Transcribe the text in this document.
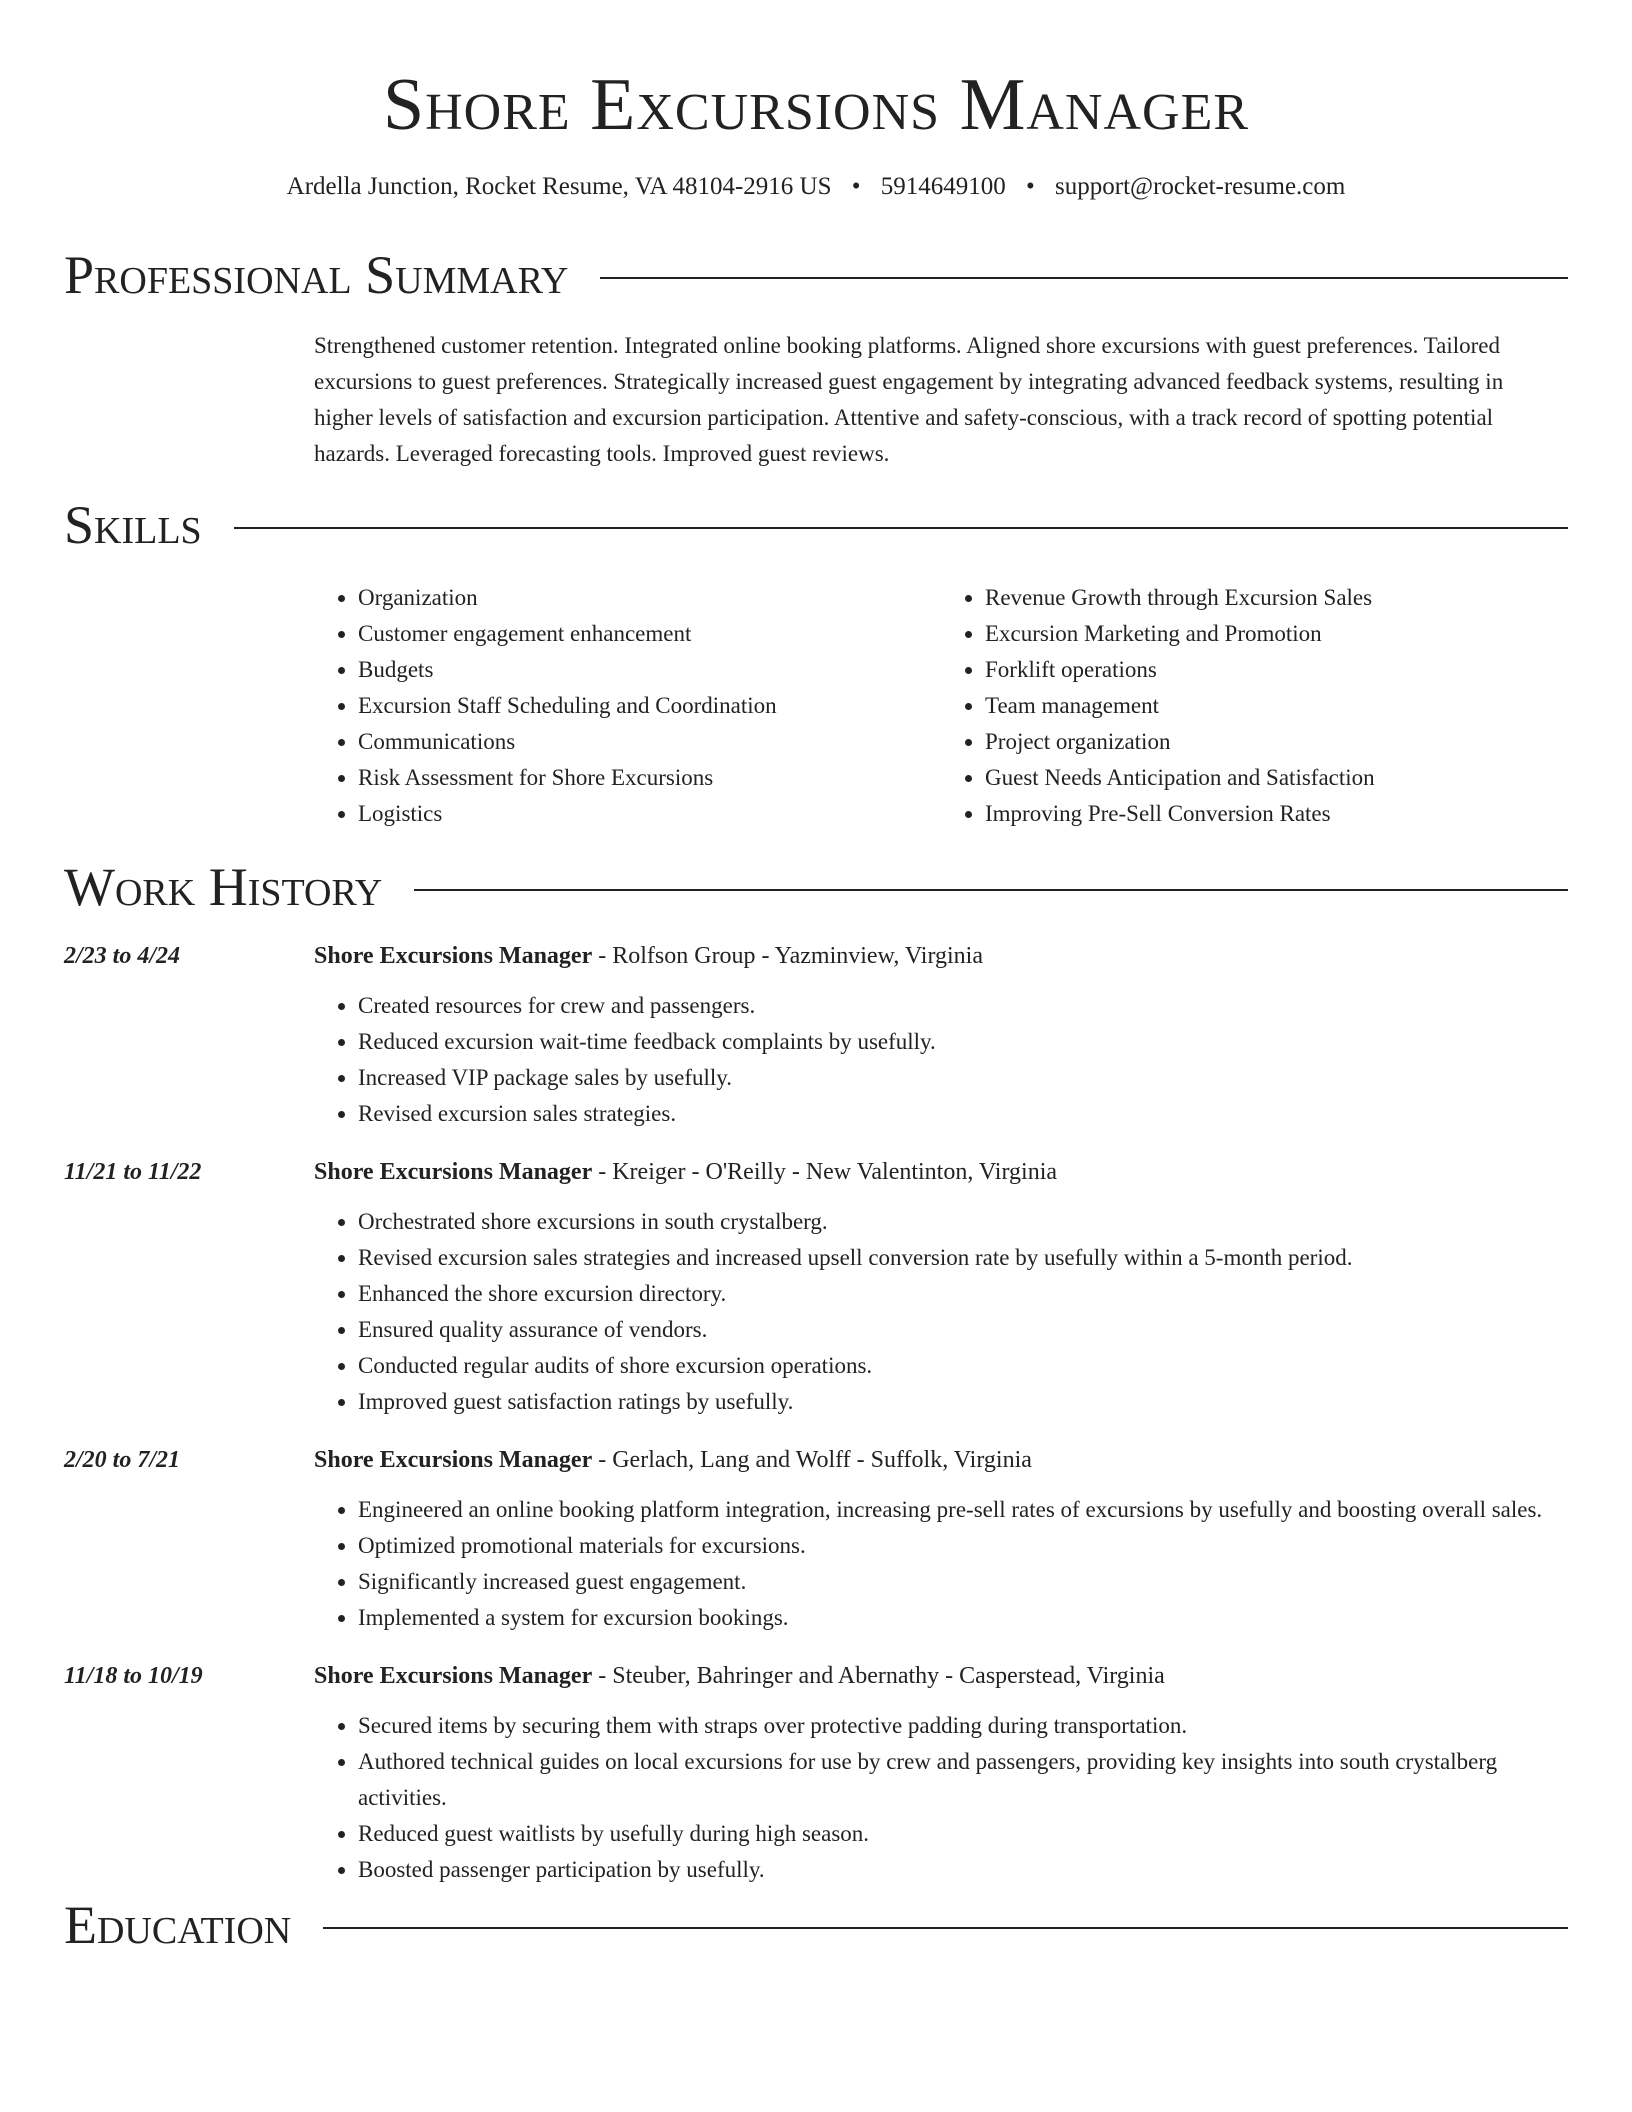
Shore Excursions Manager
Ardella Junction, Rocket Resume, VA 48104-2916 US • 5914649100 • support@rocket-resume.com
Professional Summary
Strengthened customer retention. Integrated online booking platforms. Aligned shore excursions with guest preferences. Tailored excursions to guest preferences. Strategically increased guest engagement by integrating advanced feedback systems, resulting in higher levels of satisfaction and excursion participation. Attentive and safety-conscious, with a track record of spotting potential hazards. Leveraged forecasting tools. Improved guest reviews.
Skills
• Organization
• Customer engagement enhancement
• Budgets
• Excursion Staff Scheduling and Coordination
• Communications
• Risk Assessment for Shore Excursions
• Logistics
• Revenue Growth through Excursion Sales
• Excursion Marketing and Promotion
• Forklift operations
• Team management
• Project organization
• Guest Needs Anticipation and Satisfaction
• Improving Pre-Sell Conversion Rates
Work History
2/23 to 4/24	Shore Excursions Manager - Rolfson Group - Yazminview, Virginia
• Created resources for crew and passengers.
• Reduced excursion wait-time feedback complaints by usefully.
• Increased VIP package sales by usefully.
• Revised excursion sales strategies.
11/21 to 11/22	Shore Excursions Manager - Kreiger - O'Reilly - New Valentinton, Virginia
• Orchestrated shore excursions in south crystalberg.
• Revised excursion sales strategies and increased upsell conversion rate by usefully within a 5-month period.
• Enhanced the shore excursion directory.
• Ensured quality assurance of vendors.
• Conducted regular audits of shore excursion operations.
• Improved guest satisfaction ratings by usefully.
2/20 to 7/21	Shore Excursions Manager - Gerlach, Lang and Wolff - Suffolk, Virginia
• Engineered an online booking platform integration, increasing pre-sell rates of excursions by usefully and boosting overall sales.
• Optimized promotional materials for excursions.
• Significantly increased guest engagement.
• Implemented a system for excursion bookings.
11/18 to 10/19	Shore Excursions Manager - Steuber, Bahringer and Abernathy - Casperstead, Virginia
• Secured items by securing them with straps over protective padding during transportation.
• Authored technical guides on local excursions for use by crew and passengers, providing key insights into south crystalberg activities.
• Reduced guest waitlists by usefully during high season.
• Boosted passenger participation by usefully.
Education
